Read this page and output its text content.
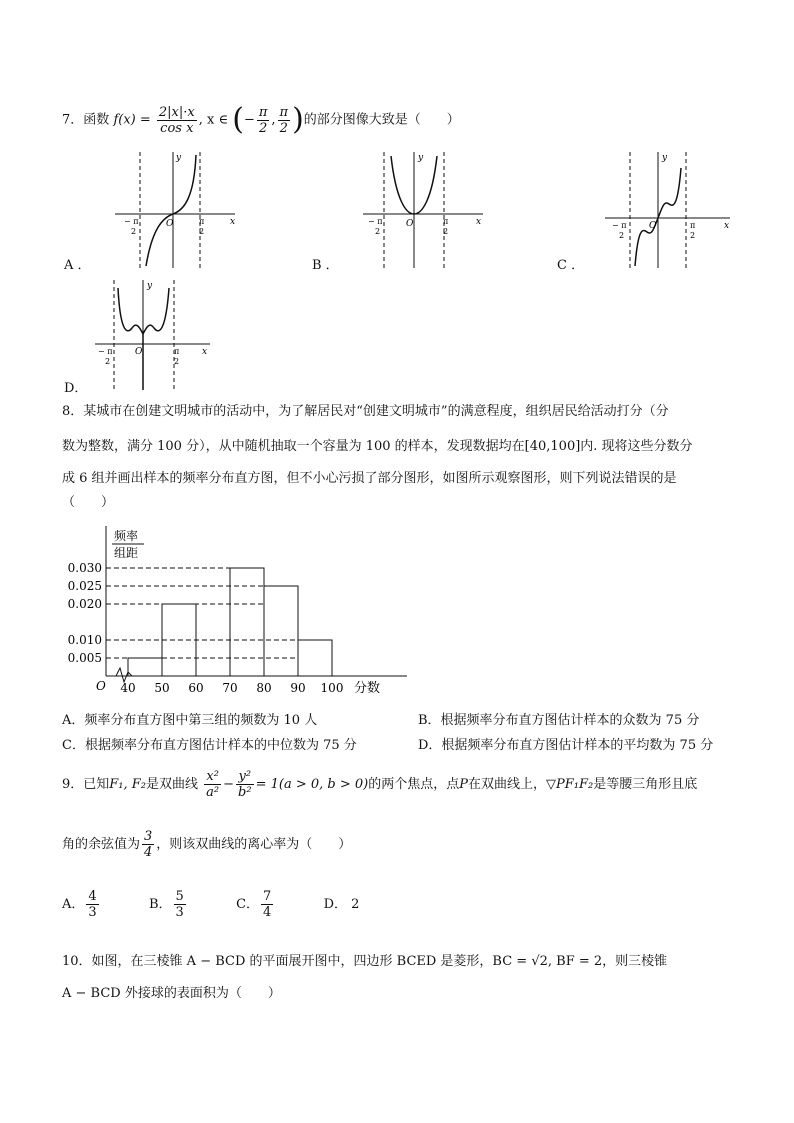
7．函数 $f(x) = \frac{2|x|\cdot x}{\text{cos x}}$ , x ∈ (− $\frac{\pi}{2}$ , $\frac{\pi}{2}$ )的部分图像大致是（　　）
y
x
O
− π
2
π
2
A ．
y
x
O
− π
2
π
2
B ．
y
x
O
− π
2
π
2
C ．
y
x
O
− π
2
π
2
D．
8．某城市在创建文明城市的活动中，为了解居民对“创建文明城市”的满意程度，组织居民给活动打分（分
数为整数，满分 100 分），从中随机抽取一个容量为 100 的样本，发现数据均在[40,100]内. 现将这些分数分
成 6 组并画出样本的频率分布直方图，但不小心污损了部分图形，如图所示观察图形，则下列说法错误的是
（　　）
频率
组距
O
0.005
0.010
0.020
0.025
0.030
40 50 60 70 80 90 100 分数
A．频率分布直方图中第三组的频数为 10 人	B．根据频率分布直方图估计样本的众数为 75 分
C．根据频率分布直方图估计样本的中位数为 75 分	D．根据频率分布直方图估计样本的平均数为 75 分
9．已知F₁, F₂是双曲线 $\frac{\text{x²}}{\text{a²}} - \frac{\text{y²}}{\text{b²}} = 1(a > 0$, b > 0)的两个焦点，点P在双曲线上，▽PF₁F₂是等腰三角形且底
角的余弦值为 $\frac{3}{4}$ ，则该双曲线的离心率为（　　）
A． $\frac{4}{3}$	B． $\frac{5}{3}$	C． $\frac{7}{4}$	D． 2
10．如图，在三棱锥 A − BCD 的平面展开图中，四边形 BCED 是菱形，BC = √2, BF = 2，则三棱锥
A − BCD 外接球的表面积为（　　）
